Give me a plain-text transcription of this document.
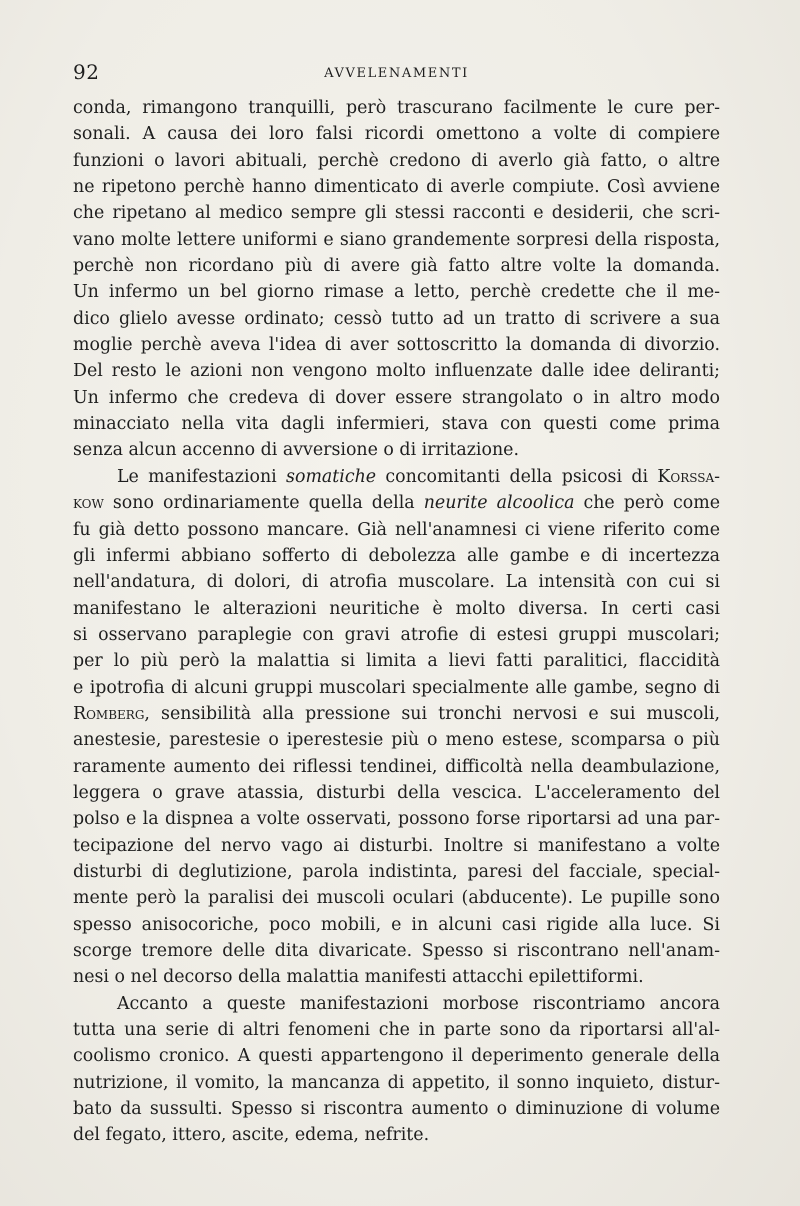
92	AVVELENAMENTI
conda, rimangono tranquilli, però trascurano facilmente le cure per-
sonali. A causa dei loro falsi ricordi omettono a volte di compiere
funzioni o lavori abituali, perchè credono di averlo già fatto, o altre
ne ripetono perchè hanno dimenticato di averle compiute. Così avviene
che ripetano al medico sempre gli stessi racconti e desiderii, che scri-
vano molte lettere uniformi e siano grandemente sorpresi della risposta,
perchè non ricordano più di avere già fatto altre volte la domanda.
Un infermo un bel giorno rimase a letto, perchè credette che il me-
dico glielo avesse ordinato; cessò tutto ad un tratto di scrivere a sua
moglie perchè aveva l'idea di aver sottoscritto la domanda di divorzio.
Del resto le azioni non vengono molto influenzate dalle idee deliranti;
Un infermo che credeva di dover essere strangolato o in altro modo
minacciato nella vita dagli infermieri, stava con questi come prima
senza alcun accenno di avversione o di irritazione.
Le manifestazioni somatiche concomitanti della psicosi di Korssa-
kow sono ordinariamente quella della neurite alcoolica che però come
fu già detto possono mancare. Già nell'anamnesi ci viene riferito come
gli infermi abbiano sofferto di debolezza alle gambe e di incertezza
nell'andatura, di dolori, di atrofia muscolare. La intensità con cui si
manifestano le alterazioni neuritiche è molto diversa. In certi casi
si osservano paraplegie con gravi atrofie di estesi gruppi muscolari;
per lo più però la malattia si limita a lievi fatti paralitici, flaccidità
e ipotrofia di alcuni gruppi muscolari specialmente alle gambe, segno di
Romberg, sensibilità alla pressione sui tronchi nervosi e sui muscoli,
anestesie, parestesie o iperestesie più o meno estese, scomparsa o più
raramente aumento dei riflessi tendinei, difficoltà nella deambulazione,
leggera o grave atassia, disturbi della vescica. L'acceleramento del
polso e la dispnea a volte osservati, possono forse riportarsi ad una par-
tecipazione del nervo vago ai disturbi. Inoltre si manifestano a volte
disturbi di deglutizione, parola indistinta, paresi del facciale, special-
mente però la paralisi dei muscoli oculari (abducente). Le pupille sono
spesso anisocoriche, poco mobili, e in alcuni casi rigide alla luce. Si
scorge tremore delle dita divaricate. Spesso si riscontrano nell'anam-
nesi o nel decorso della malattia manifesti attacchi epilettiformi.
Accanto a queste manifestazioni morbose riscontriamo ancora
tutta una serie di altri fenomeni che in parte sono da riportarsi all'al-
coolismo cronico. A questi appartengono il deperimento generale della
nutrizione, il vomito, la mancanza di appetito, il sonno inquieto, distur-
bato da sussulti. Spesso si riscontra aumento o diminuzione di volume
del fegato, ittero, ascite, edema, nefrite.
